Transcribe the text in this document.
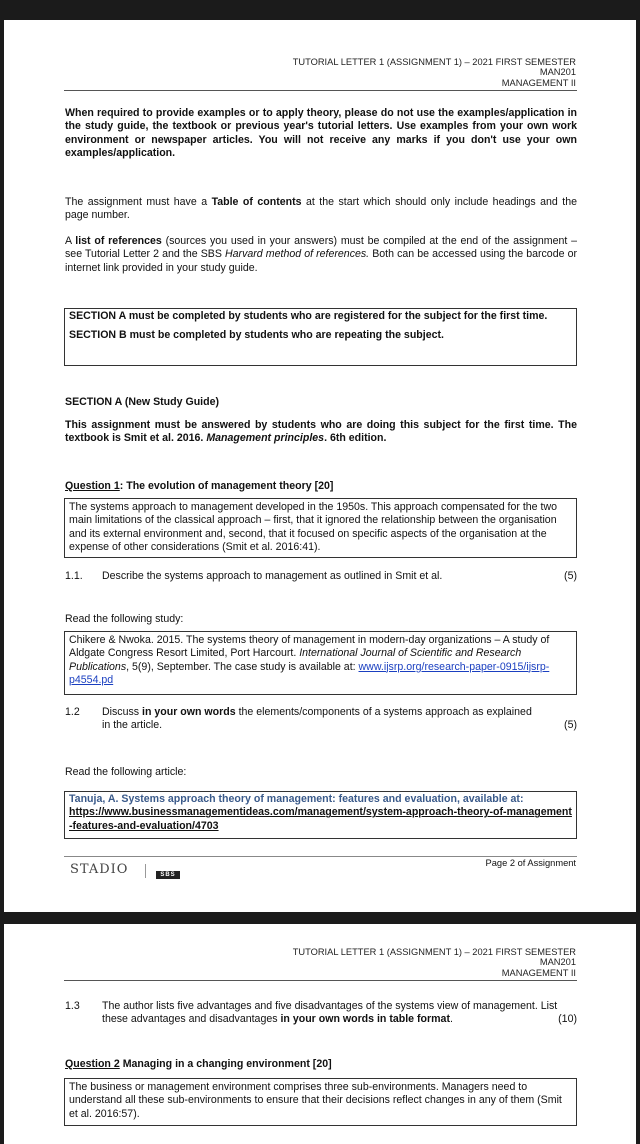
TUTORIAL LETTER 1 (ASSIGNMENT 1) – 2021 FIRST SEMESTER
MAN201
MANAGEMENT II
When required to provide examples or to apply theory, please do not use the examples/application in the study guide, the textbook or previous year's tutorial letters. Use examples from your own work environment or newspaper articles. You will not receive any marks if you don't use your own examples/application.
The assignment must have a Table of contents at the start which should only include headings and the page number.
A list of references (sources you used in your answers) must be compiled at the end of the assignment – see Tutorial Letter 2 and the SBS Harvard method of references. Both can be accessed using the barcode or internet link provided in your study guide.
SECTION A must be completed by students who are registered for the subject for the first time.
SECTION B must be completed by students who are repeating the subject.
SECTION A (New Study Guide)
This assignment must be answered by students who are doing this subject for the first time. The textbook is Smit et al. 2016. Management principles. 6th edition.
Question 1: The evolution of management theory [20]
The systems approach to management developed in the 1950s. This approach compensated for the two main limitations of the classical approach – first, that it ignored the relationship between the organisation and its external environment and, second, that it focused on specific aspects of the organisation at the expense of other considerations (Smit et al. 2016:41).
1.1. Describe the systems approach to management as outlined in Smit et al.	(5)
Read the following study:
Chikere & Nwoka. 2015. The systems theory of management in modern-day organizations – A study of Aldgate Congress Resort Limited, Port Harcourt. International Journal of Scientific and Research Publications, 5(9), September. The case study is available at: www.ijsrp.org/research-paper-0915/ijsrp-p4554.pd
1.2 Discuss in your own words the elements/components of a systems approach as explained in the article.	(5)
Read the following article:
Tanuja, A. Systems approach theory of management: features and evaluation, available at:
https://www.businessmanagementideas.com/management/system-approach-theory-of-management-features-and-evaluation/4703
STADIO	SBS
Page 2 of Assignment
TUTORIAL LETTER 1 (ASSIGNMENT 1) – 2021 FIRST SEMESTER
MAN201
MANAGEMENT II
1.3 The author lists five advantages and five disadvantages of the systems view of management. List these advantages and disadvantages in your own words in table format.	(10)
Question 2 Managing in a changing environment [20]
The business or management environment comprises three sub-environments. Managers need to understand all these sub-environments to ensure that their decisions reflect changes in any of them (Smit et al. 2016:57).
